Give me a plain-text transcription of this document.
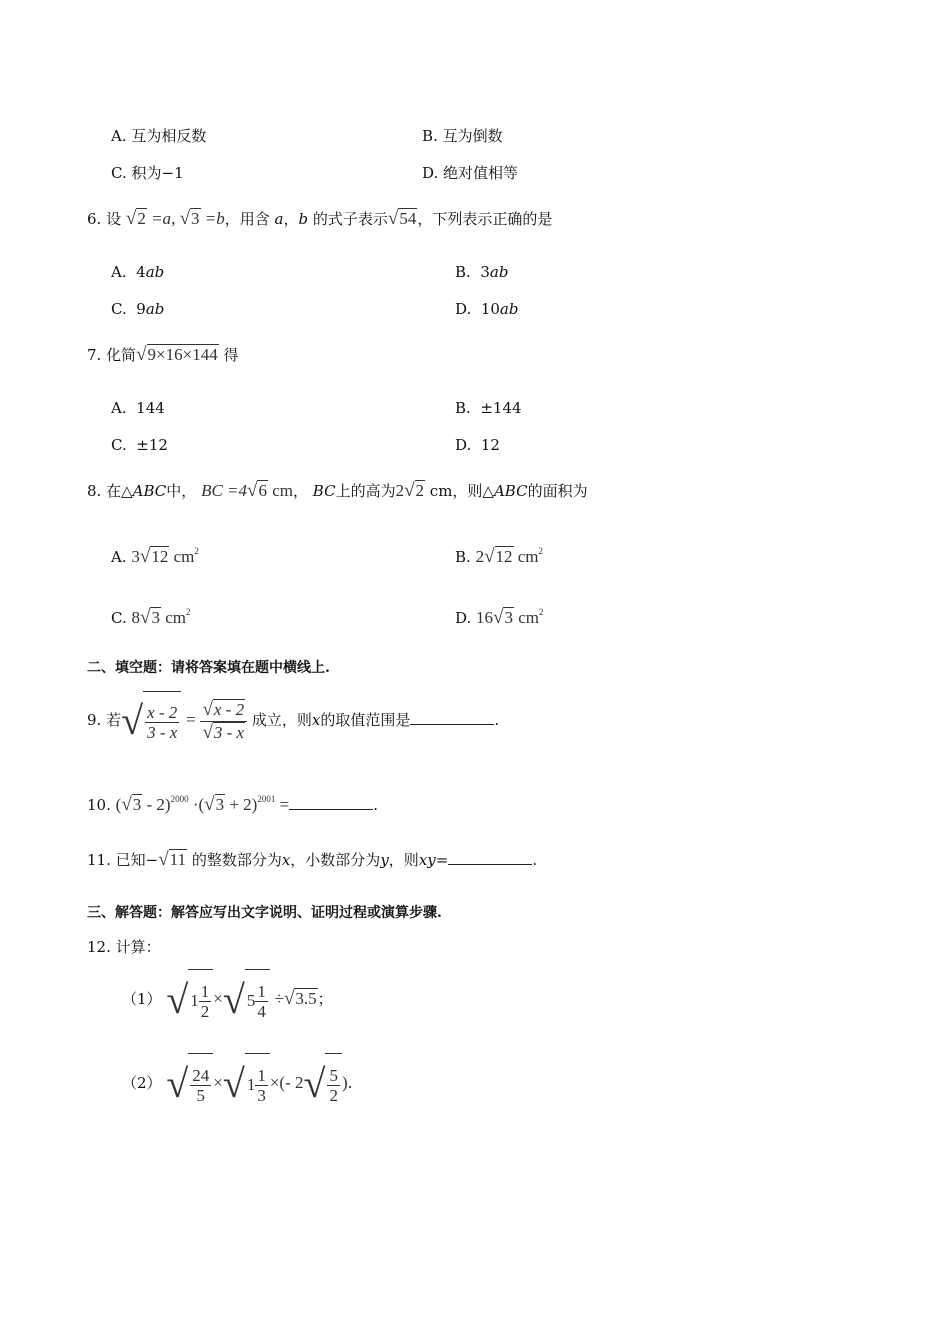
A. 互为相反数	B. 互为倒数
C. 积为−1	D. 绝对值相等
6. 设 √2 =a, √3 =b，用含 a，b 的式子表示√54，下列表示正确的是
A. 4ab	B. 3ab
C. 9ab	D. 10ab
7. 化简√9×16×144 得
A. 144	B. ±144
C. ±12	D. 12
8. 在△ABC中， BC =4√6 cm， BC上的高为2√2 cm，则△ABC的面积为
A. 3√12 $cm^2$	B. 2√12 $cm^2$
C. 8√3 $cm^2$	D. 16√3 $cm^2$
二、填空题：请将答案填在题中横线上.
9. 若√ $\frac{x - 2}{3 - x} = \frac{√x - 2}{√3 - x}$ 成立，则x的取值范围是	.
10. $(√3 - 2)^{2000} \cdot(√3 + 2)^{2001}$ =	.
11. 已知−√11 的整数部分为x，小数部分为y，则xy=	.
三、解答题：解答应写出文字说明、证明过程或演算步骤.
12. 计算：
（1） √ $1 \frac{1}{2}$ ×√ $5 \frac{1}{4} \div√3.5$；
（2） √ $\frac{24}{5}$ ×√ $1 \frac{1}{3}$ ×(- $2√ \frac{5}{2}$ ).
